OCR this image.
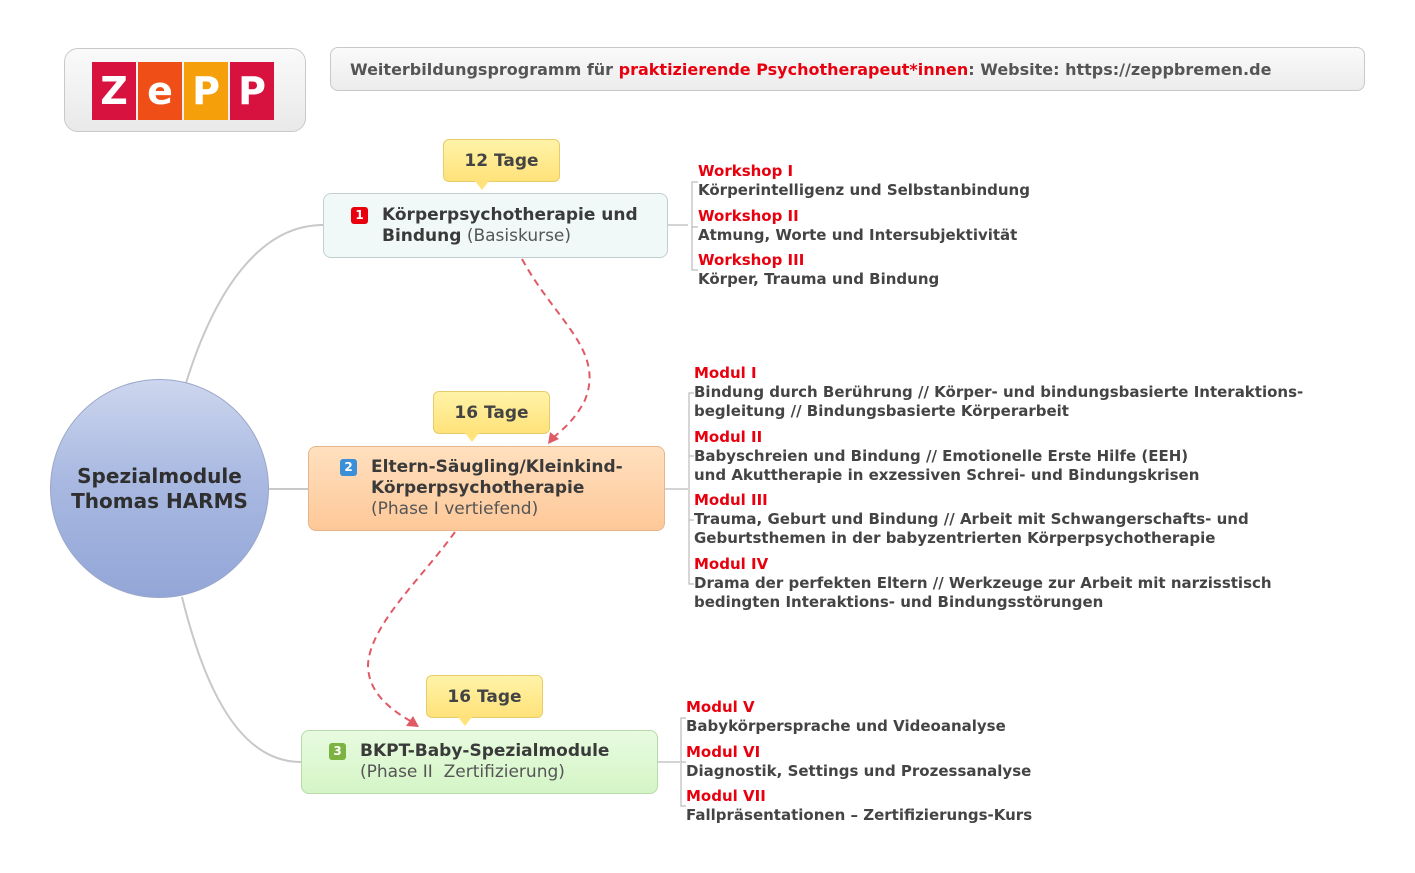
Z e P P	Weiterbildungsprogramm für praktizierende Psychotherapeut*innen : Website: https://zeppbremen.de
Spezialmodule
Thomas HARMS
12 Tage
1 Körperpsychotherapie und
Bindung (Basiskurse)
16 Tage
2 Eltern-Säugling/Kleinkind-
Körperpsychotherapie
(Phase I vertiefend)
16 Tage
3 BKPT-Baby-Spezialmodule
(Phase II  Zertifizierung)
Workshop I
Körperintelligenz und Selbstanbindung
Workshop II
Atmung, Worte und Intersubjektivität
Workshop III
Körper, Trauma und Bindung
Modul I
Bindung durch Berührung // Körper- und bindungsbasierte Interaktions-
begleitung // Bindungsbasierte Körperarbeit
Modul II
Babyschreien und Bindung // Emotionelle Erste Hilfe (EEH)
und Akuttherapie in exzessiven Schrei- und Bindungskrisen
Modul III
Trauma, Geburt und Bindung // Arbeit mit Schwangerschafts- und
Geburtsthemen in der babyzentrierten Körperpsychotherapie
Modul IV
Drama der perfekten Eltern // Werkzeuge zur Arbeit mit narzisstisch
bedingten Interaktions- und Bindungsstörungen
Modul V
Babykörpersprache und Videoanalyse
Modul VI
Diagnostik, Settings und Prozessanalyse
Modul VII
Fallpräsentationen – Zertifizierungs-Kurs
